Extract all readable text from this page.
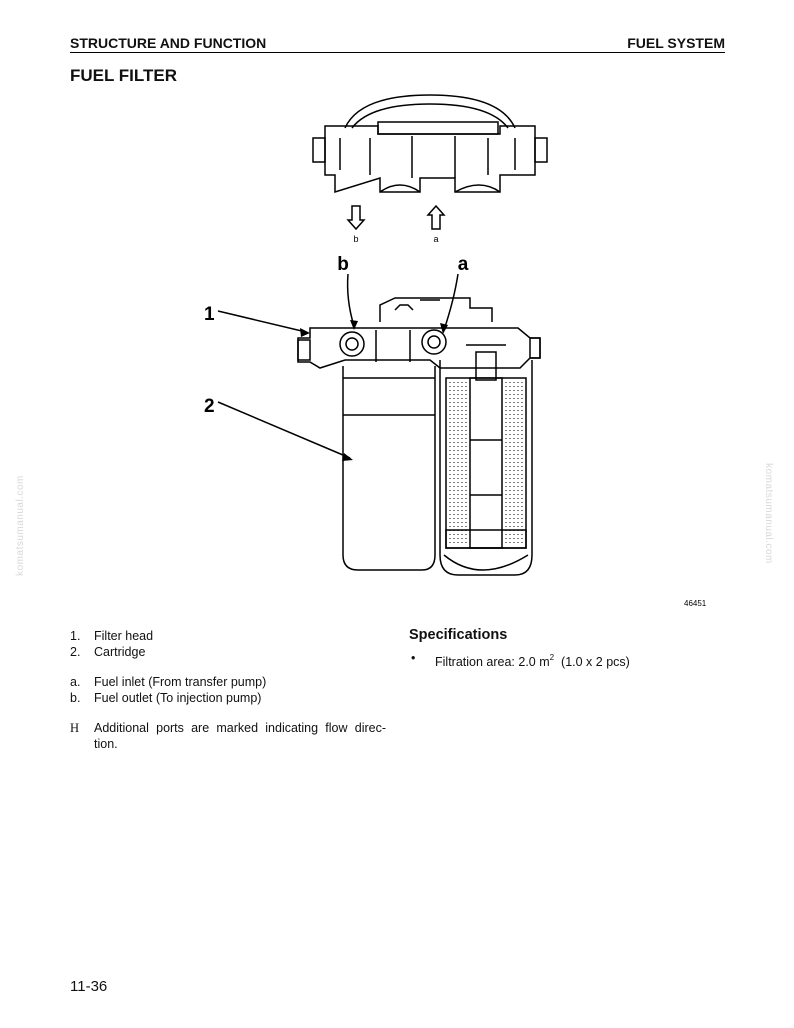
STRUCTURE AND FUNCTION	FUEL SYSTEM
FUEL FILTER
b	a
b	a
1
2
46451
1.	Filter head
2.	Cartridge
a.	Fuel inlet (From transfer pump)
b.	Fuel outlet (To injection pump)
H Additional ports are marked indicating flow direc-tion.
Specifications
•	Filtration area: 2.0 $m^2$ (1.0 x 2 pcs)
11-36
komatsumanual.com	komatsumanual.com
